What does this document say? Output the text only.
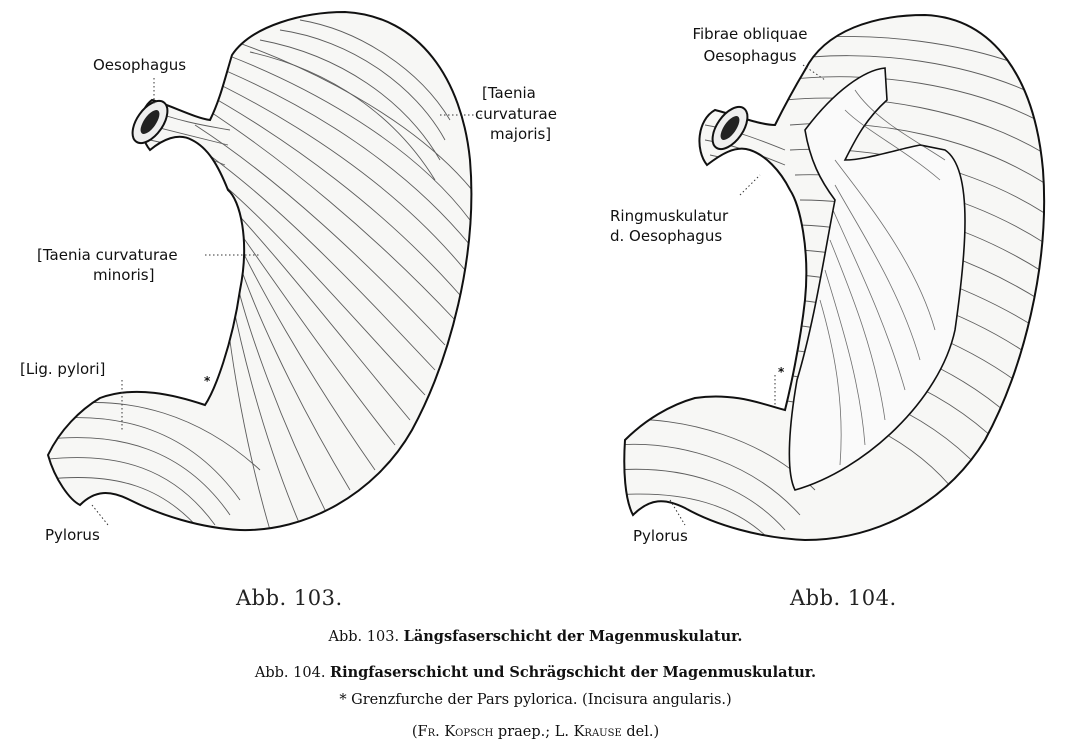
Oesophagus
[Taenia
curvaturae
majoris]
[Taenia curvaturae
minoris]
[Lig. pylori]
Pylorus
*
Fibrae obliquae
Oesophagus
Ringmuskulatur
d. Oesophagus
Pylorus
*
Abb. 103.	Abb. 104.
Abb. 103. Längsfaserschicht der Magenmuskulatur.
Abb. 104. Ringfaserschicht und Schrägschicht der Magenmuskulatur.
* Grenzfurche der Pars pylorica. (Incisura angularis.)
(Fr. Kopsch praep.; L. Krause del.)
